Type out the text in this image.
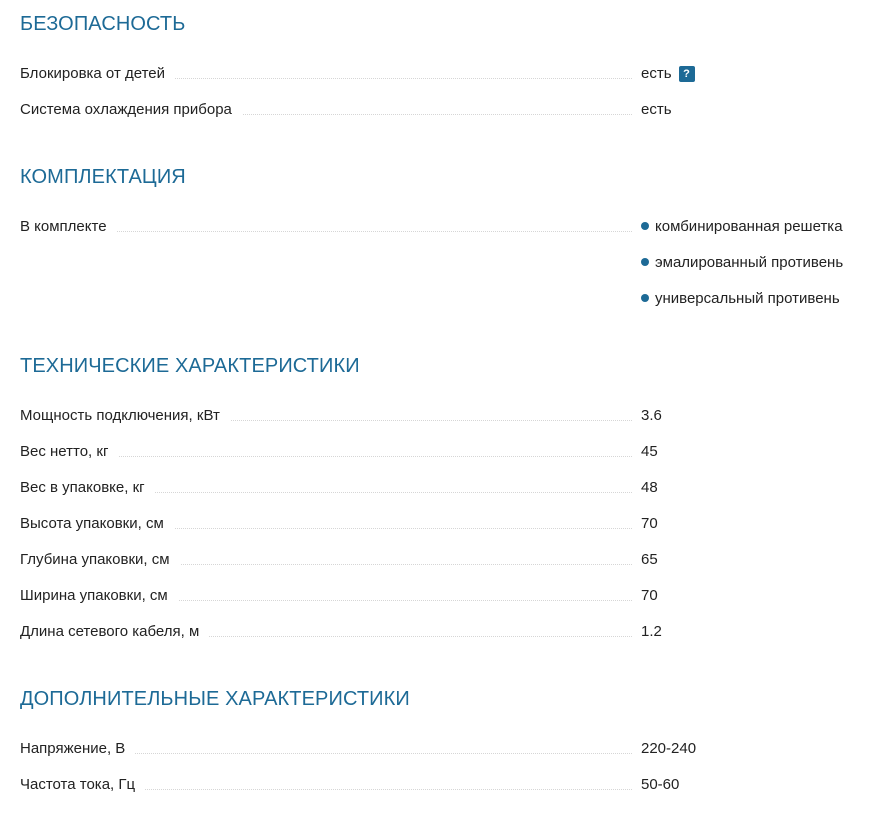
БЕЗОПАСНОСТЬ
Блокировка от детей	есть ?
Система охлаждения прибора	есть
КОМПЛЕКТАЦИЯ
В комплекте	комбинированная решетка
эмалированный противень
универсальный противень
ТЕХНИЧЕСКИЕ ХАРАКТЕРИСТИКИ
Мощность подключения, кВт	3.6
Вес нетто, кг	45
Вес в упаковке, кг	48
Высота упаковки, см	70
Глубина упаковки, см	65
Ширина упаковки, см	70
Длина сетевого кабеля, м	1.2
ДОПОЛНИТЕЛЬНЫЕ ХАРАКТЕРИСТИКИ
Напряжение, В	220-240
Частота тока, Гц	50-60
